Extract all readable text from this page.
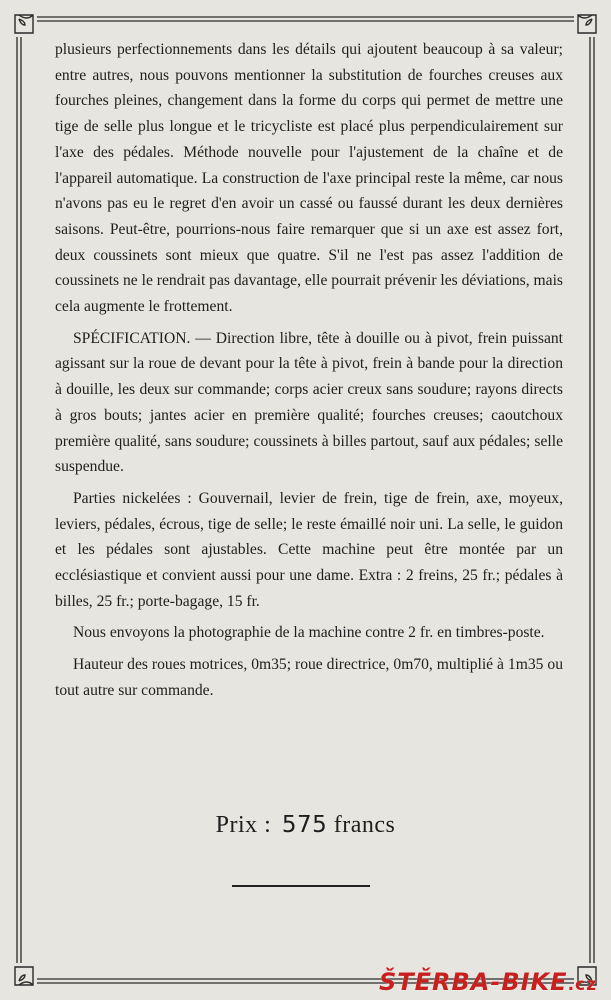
plusieurs perfectionnements dans les détails qui ajoutent beaucoup à sa valeur; entre autres, nous pouvons mentionner la substitution de fourches creuses aux fourches pleines, changement dans la forme du corps qui permet de mettre une tige de selle plus longue et le tricycliste est placé plus perpendiculairement sur l'axe des pédales. Méthode nouvelle pour l'ajustement de la chaîne et de l'appareil automatique. La construction de l'axe principal reste la même, car nous n'avons pas eu le regret d'en avoir un cassé ou faussé durant les deux dernières saisons. Peut-être, pourrions-nous faire remarquer que si un axe est assez fort, deux coussinets sont mieux que quatre. S'il ne l'est pas assez l'addition de coussinets ne le rendrait pas davantage, elle pourrait prévenir les déviations, mais cela augmente le frottement.

SPÉCIFICATION. — Direction libre, tête à douille ou à pivot, frein puissant agissant sur la roue de devant pour la tête à pivot, frein à bande pour la direction à douille, les deux sur commande; corps acier creux sans soudure; rayons directs à gros bouts; jantes acier en première qualité; fourches creuses; caoutchoux première qualité, sans soudure; coussinets à billes partout, sauf aux pédales; selle suspendue.

Parties nickelées : Gouvernail, levier de frein, tige de frein, axe, moyeux, leviers, pédales, écrous, tige de selle; le reste émaillé noir uni. La selle, le guidon et les pédales sont ajustables. Cette machine peut être montée par un ecclésiastique et convient aussi pour une dame. Extra : 2 freins, 25 fr.; pédales à billes, 25 fr.; porte-bagage, 15 fr.

Nous envoyons la photographie de la machine contre 2 fr. en timbres-poste.

Hauteur des roues motrices, 0m35; roue directrice, 0m70, multiplié à 1m35 ou tout autre sur commande.

Prix : 575 francs
ŠTĚRBA-BIKE.cz
